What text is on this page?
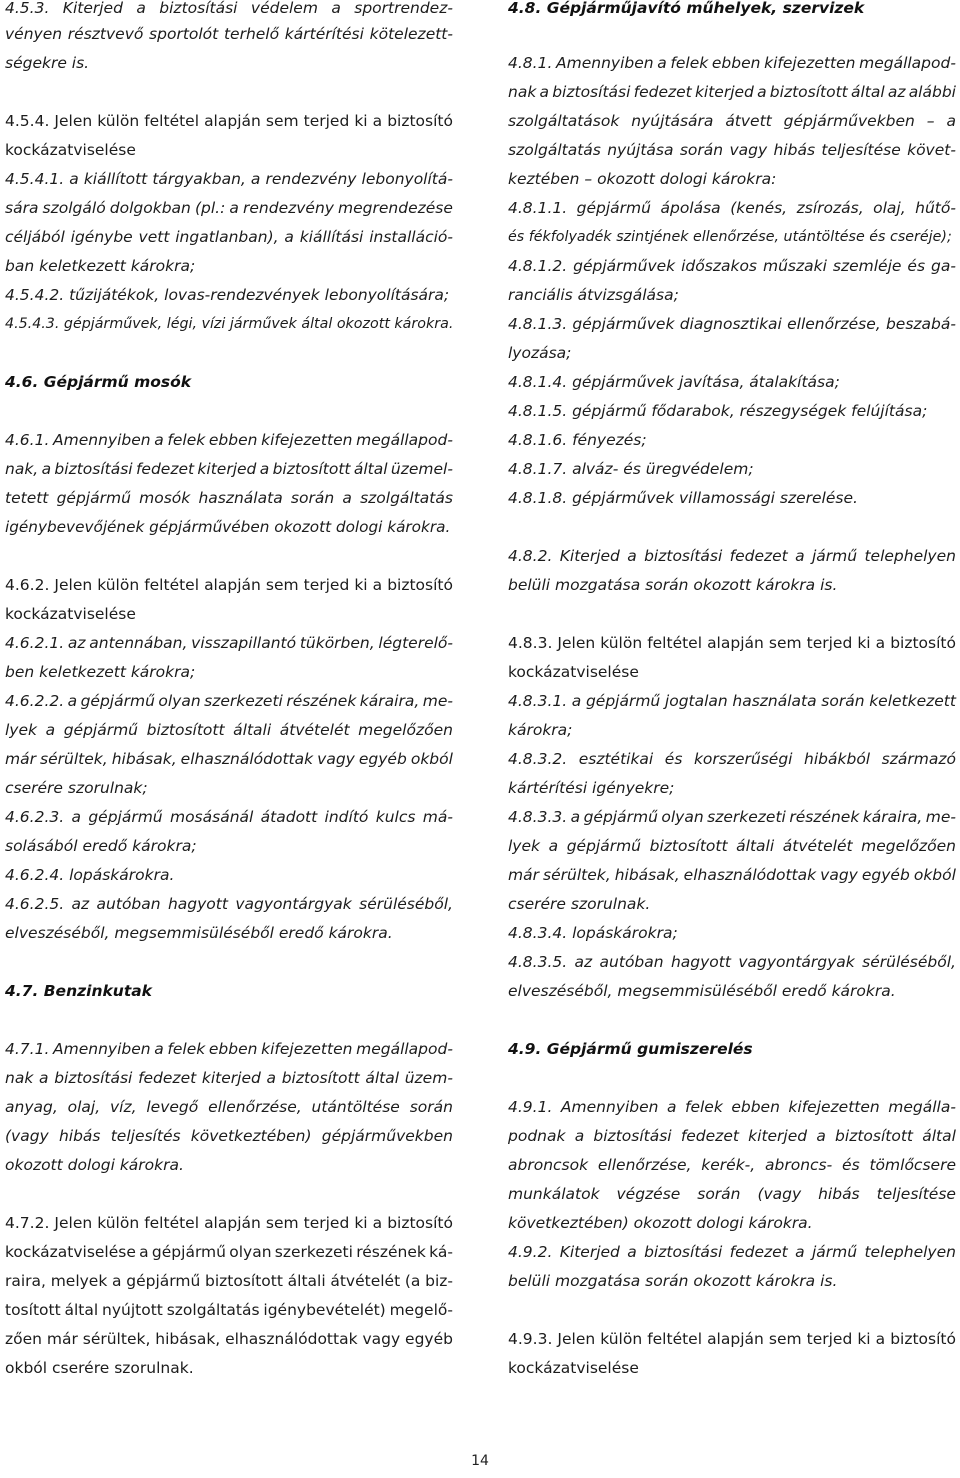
4.5.3. Kiterjed a biztosítási védelem a sportrendez-
vényen résztvevő sportolót terhelő kártérítési kötelezett-
ségekre is.
4.5.4. Jelen külön feltétel alapján sem terjed ki a biztosító
kockázatviselése
4.5.4.1. a kiállított tárgyakban, a rendezvény lebonyolítá-
sára szolgáló dolgokban (pl.: a rendezvény megrendezése
céljából igénybe vett ingatlanban), a kiállítási installáció-
ban keletkezett károkra;
4.5.4.2. tűzijátékok, lovas-rendezvények lebonyolítására;
4.5.4.3. gépjárművek, légi, vízi járművek által okozott károkra.
4.6. Gépjármű mosók
4.6.1. Amennyiben a felek ebben kifejezetten megállapod-
nak, a biztosítási fedezet kiterjed a biztosított által üzemel-
tetett gépjármű mosók használata során a szolgáltatás
igénybevevőjének gépjárművében okozott dologi károkra.
4.6.2. Jelen külön feltétel alapján sem terjed ki a biztosító
kockázatviselése
4.6.2.1. az antennában, visszapillantó tükörben, légterelő-
ben keletkezett károkra;
4.6.2.2. a gépjármű olyan szerkezeti részének káraira, me-
lyek a gépjármű biztosított általi átvételét megelőzően
már sérültek, hibásak, elhasználódottak vagy egyéb okból
cserére szorulnak;
4.6.2.3. a gépjármű mosásánál átadott indító kulcs má-
solásából eredő károkra;
4.6.2.4. lopáskárokra.
4.6.2.5. az autóban hagyott vagyontárgyak sérüléséből,
elveszéséből, megsemmisüléséből eredő károkra.
4.7. Benzinkutak
4.7.1. Amennyiben a felek ebben kifejezetten megállapod-
nak a biztosítási fedezet kiterjed a biztosított által üzem-
anyag, olaj, víz, levegő ellenőrzése, utántöltése során
(vagy hibás teljesítés következtében) gépjárművekben
okozott dologi károkra.
4.7.2. Jelen külön feltétel alapján sem terjed ki a biztosító
kockázatviselése a gépjármű olyan szerkezeti részének ká-
raira, melyek a gépjármű biztosított általi átvételét (a biz-
tosított által nyújtott szolgáltatás igénybevételét) megelő-
zően már sérültek, hibásak, elhasználódottak vagy egyéb
okból cserére szorulnak.
4.8. Gépjárműjavító műhelyek, szervizek
4.8.1. Amennyiben a felek ebben kifejezetten megállapod-
nak a biztosítási fedezet kiterjed a biztosított által az alábbi
szolgáltatások nyújtására átvett gépjárművekben – a
szolgáltatás nyújtása során vagy hibás teljesítése követ-
keztében – okozott dologi károkra:
4.8.1.1. gépjármű ápolása (kenés, zsírozás, olaj, hűtő-
és fékfolyadék szintjének ellenőrzése, utántöltése és cseréje);
4.8.1.2. gépjárművek időszakos műszaki szemléje és ga-
ranciális átvizsgálása;
4.8.1.3. gépjárművek diagnosztikai ellenőrzése, beszabá-
lyozása;
4.8.1.4. gépjárművek javítása, átalakítása;
4.8.1.5. gépjármű fődarabok, részegységek felújítása;
4.8.1.6. fényezés;
4.8.1.7. alváz- és üregvédelem;
4.8.1.8. gépjárművek villamossági szerelése.
4.8.2. Kiterjed a biztosítási fedezet a jármű telephelyen
belüli mozgatása során okozott károkra is.
4.8.3. Jelen külön feltétel alapján sem terjed ki a biztosító
kockázatviselése
4.8.3.1. a gépjármű jogtalan használata során keletkezett
károkra;
4.8.3.2. esztétikai és korszerűségi hibákból származó
kártérítési igényekre;
4.8.3.3. a gépjármű olyan szerkezeti részének káraira, me-
lyek a gépjármű biztosított általi átvételét megelőzően
már sérültek, hibásak, elhasználódottak vagy egyéb okból
cserére szorulnak.
4.8.3.4. lopáskárokra;
4.8.3.5. az autóban hagyott vagyontárgyak sérüléséből,
elveszéséből, megsemmisüléséből eredő károkra.
4.9. Gépjármű gumiszerelés
4.9.1. Amennyiben a felek ebben kifejezetten megálla-
podnak a biztosítási fedezet kiterjed a biztosított által
abroncsok ellenőrzése, kerék-, abroncs- és tömlőcsere
munkálatok végzése során (vagy hibás teljesítése
következtében) okozott dologi károkra.
4.9.2. Kiterjed a biztosítási fedezet a jármű telephelyen
belüli mozgatása során okozott károkra is.
4.9.3. Jelen külön feltétel alapján sem terjed ki a biztosító
kockázatviselése
14
